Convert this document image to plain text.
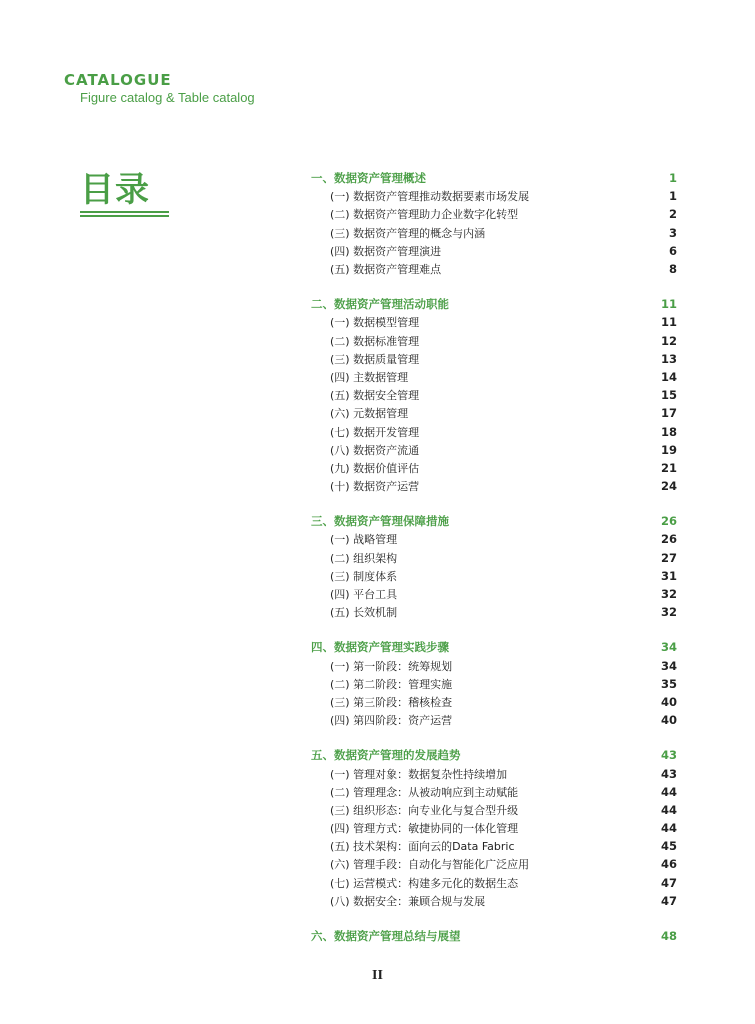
CATALOGUE
Figure catalog & Table catalog
目录	一、数据资产管理概述	1
(一) 数据资产管理推动数据要素市场发展	1
(二) 数据资产管理助力企业数字化转型	2
(三) 数据资产管理的概念与内涵	3
(四) 数据资产管理演进	6
(五) 数据资产管理难点	8
二、数据资产管理活动职能	11
(一) 数据模型管理	11
(二) 数据标准管理	12
(三) 数据质量管理	13
(四) 主数据管理	14
(五) 数据安全管理	15
(六) 元数据管理	17
(七) 数据开发管理	18
(八) 数据资产流通	19
(九) 数据价值评估	21
(十) 数据资产运营	24
三、数据资产管理保障措施	26
(一) 战略管理	26
(二) 组织架构	27
(三) 制度体系	31
(四) 平台工具	32
(五) 长效机制	32
四、数据资产管理实践步骤	34
(一) 第一阶段：统筹规划	34
(二) 第二阶段：管理实施	35
(三) 第三阶段：稽核检查	40
(四) 第四阶段：资产运营	40
五、数据资产管理的发展趋势	43
(一) 管理对象：数据复杂性持续增加	43
(二) 管理理念：从被动响应到主动赋能	44
(三) 组织形态：向专业化与复合型升级	44
(四) 管理方式：敏捷协同的一体化管理	44
(五) 技术架构：面向云的Data Fabric	45
(六) 管理手段：自动化与智能化广泛应用	46
(七) 运营模式：构建多元化的数据生态	47
(八) 数据安全：兼顾合规与发展	47
六、数据资产管理总结与展望	48
II
